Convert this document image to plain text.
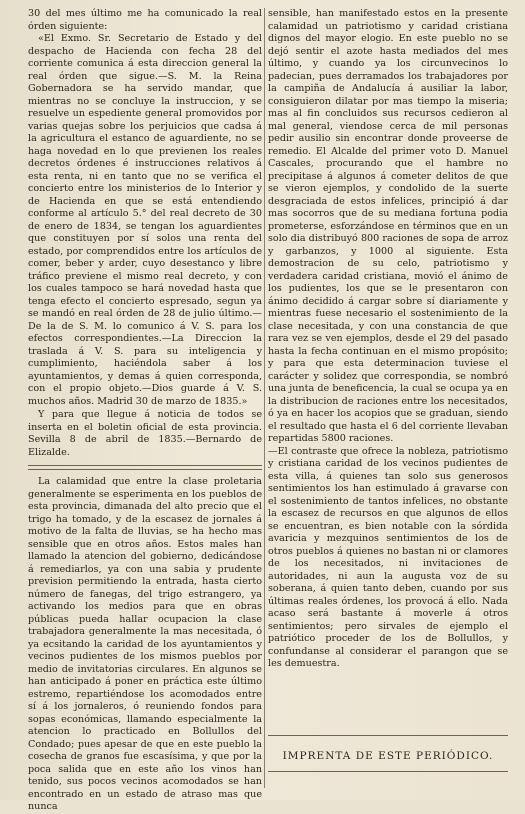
30 del mes último me ha comunicado la real órden siguiente:

«El Exmo. Sr. Secretario de Estado y del despacho de Hacienda con fecha 28 del corriente comunica á esta direccion general la real órden que sigue.—S. M. la Reina Gobernadora se ha servido mandar, que mientras no se concluye la instruccion, y se resuelve un espediente general promovidos por varias quejas sobre los perjuicios que cadsa á la agricultura el estanco de aguardiente, no se haga novedad en lo que previenen los reales decretos órdenes é instrucciones relativos á esta renta, ni en tanto que no se verifica el concierto entre los ministerios de lo Interior y de Hacienda en que se está entendiendo conforme al artículo 5.° del real decreto de 30 de enero de 1834, se tengan los aguardientes que constituyen por sí solos una renta del estado, por comprendidos entre los artículos de comer, beber y arder, cuyo desestanco y libre tráfico previene el mismo real decreto, y con los cuales tampoco se hará novedad hasta que tenga efecto el concierto espresado, segun ya se mandó en real órden de 28 de julio último.—De la de S. M. lo comunico á V. S. para los efectos correspondientes.—La Direccion la traslada á V. S. para su inteligencia y cumplimiento, haciéndola saber á los ayuntamientos, y demas á quien corresponda, con el propio objeto.—Dios guarde á V. S. muchos años. Madrid 30 de marzo de 1835.»

Y para que llegue á noticia de todos se inserta en el boletin oficial de esta provincia. Sevilla 8 de abril de 1835.—Bernardo de Elizalde.

La calamidad que entre la clase proletaria generalmente se esperimenta en los pueblos de esta provincia, dimanada del alto precio que el trigo ha tomado, y de la escasez de jornales á motivo de la falta de lluvias, se ha hecho mas sensible que en otros años. Estos males han llamado la atencion del gobierno, dedicándose á remediarlos, ya con una sabia y prudente prevision permitiendo la entrada, hasta cierto número de fanegas, del trigo estrangero, ya activando los medios para que en obras públicas pueda hallar ocupacion la clase trabajadora generalmente la mas necesitada, ó ya ecsitando la caridad de los ayuntamientos y vecinos pudientes de los mismos pueblos por medio de invitatorias circulares. En algunos se han anticipado á poner en práctica este último estremo, repartiéndose los acomodados entre sí á los jornaleros, ó reuniendo fondos para sopas económicas, llamando especialmente la atencion lo practicado en Bollullos del Condado; pues apesar de que en este pueblo la cosecha de granos fue escasísima, y que por la poca salida que en este año los vinos han tenido, sus pocos vecinos acomodados se han encontrado en un estado de atraso mas que nunca

sensible, han manifestado estos en la presente calamidad un patriotismo y caridad cristiana dignos del mayor elogio. En este pueblo no se dejó sentir el azote hasta mediados del mes último, y cuando ya los circunvecinos lo padecian, pues derramados los trabajadores por la campiña de Andalucía á ausiliar la labor, consiguieron dilatar por mas tiempo la miseria; mas al fin concluidos sus recursos cedieron al mal general, viendose cerca de mil personas pedir ausilio sin encontrar donde proveerse de remedio. El Alcalde del primer voto D. Manuel Cascales, procurando que el hambre no precipitase á algunos á cometer delitos de que se vieron ejemplos, y condolido de la suerte desgraciada de estos infelices, principió á dar mas socorros que de su mediana fortuna podia prometerse, esforzándose en términos que en un solo dia distribuyó 800 raciones de sopa de arroz y garbanzos, y 1000 al siguiente. Esta demostracion de su celo, patriotismo y verdadera caridad cristiana, movió el ánimo de los pudientes, los que se le presentaron con ánimo decidido á cargar sobre sí diariamente y mientras fuese necesario el sostenimiento de la clase necesitada, y con una constancia de que rara vez se ven ejemplos, desde el 29 del pasado hasta la fecha continuan en el mismo propósito; y para que esta determinacion tuviese el carácter y solidez que correspondia, se nombró una junta de beneficencia, la cual se ocupa ya en la distribucion de raciones entre los necesitados, ó ya en hacer los acopios que se graduan, siendo el resultado que hasta el 6 del corriente llevaban repartidas 5800 raciones.

—El contraste que ofrece la nobleza, patriotismo y cristiana caridad de los vecinos pudientes de esta villa, á quienes tan solo sus generosos sentimientos los han estimulado á gravarse con el sostenimiento de tantos infelices, no obstante la escasez de recursos en que algunos de ellos se encuentran, es bien notable con la sórdida avaricia y mezquinos sentimientos de los de otros pueblos á quienes no bastan ni or clamores de los necesitados, ni invitaciones de autoridades, ni aun la augusta voz de su soberana, á quien tanto deben, cuando por sus últimas reales órdenes, los provocá á ello. Nada acaso será bastante á moverle á otros sentimientos; pero sirvales de ejemplo el patriótico proceder de los de Bollullos, y confundanse al considerar el parangon que se les demuestra.

IMPRENTA DE ESTE PERIÓDICO.
